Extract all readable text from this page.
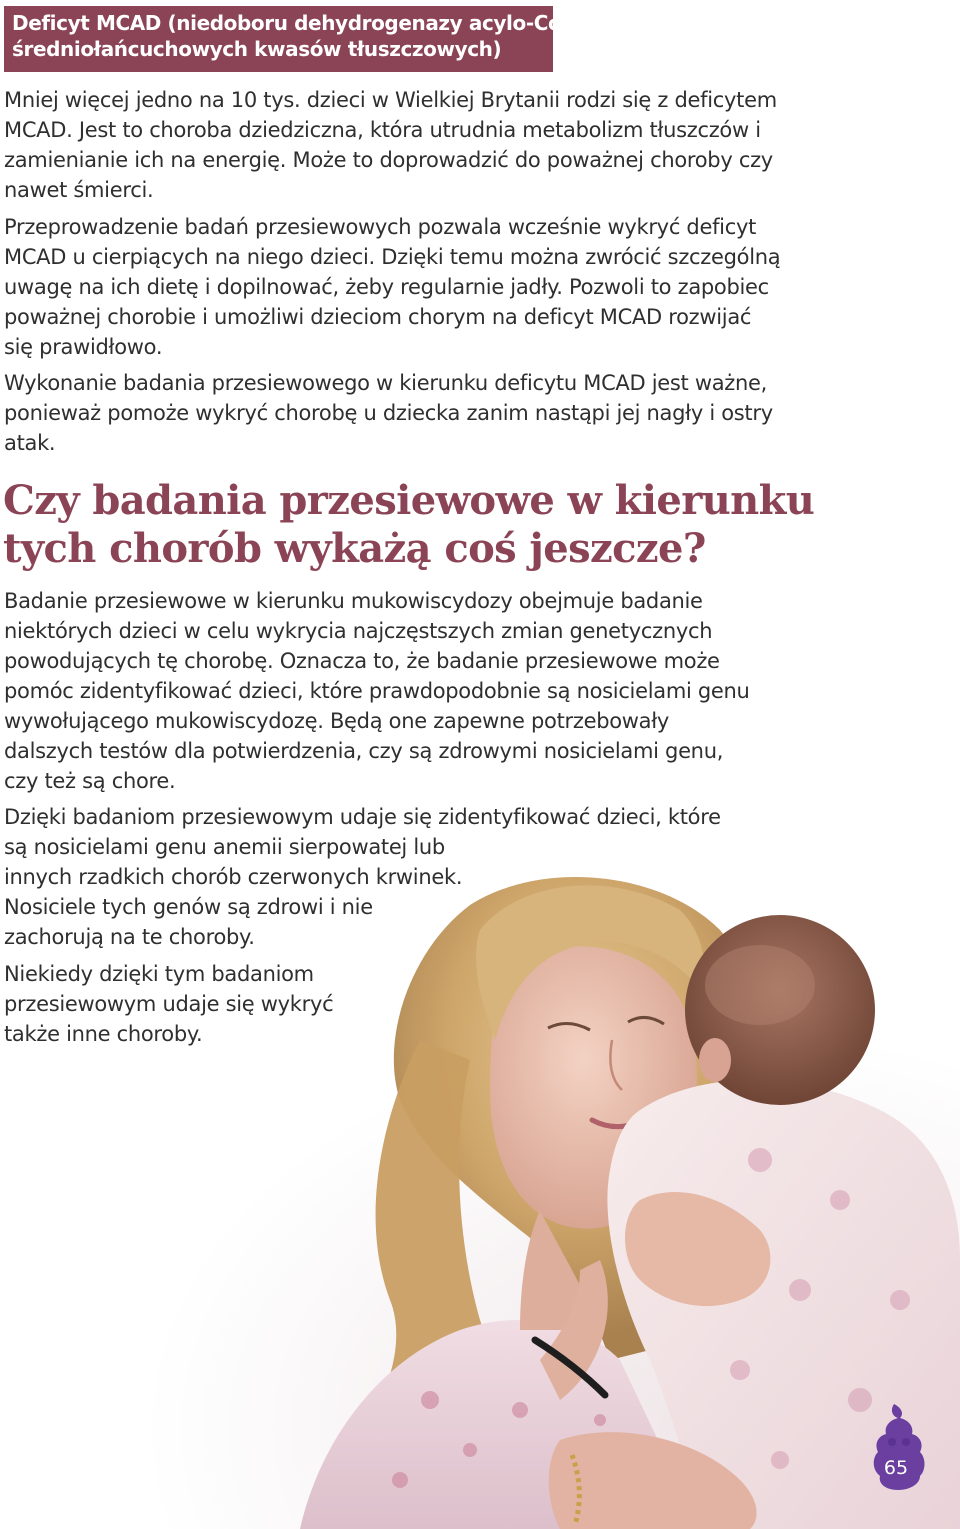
Deficyt MCAD (niedoboru dehydrogenazy acylo-CoA
średniołańcuchowych kwasów tłuszczowych)

Mniej więcej jedno na 10 tys. dzieci w Wielkiej Brytanii rodzi się z deficytem
MCAD. Jest to choroba dziedziczna, która utrudnia metabolizm tłuszczów i
zamienianie ich na energię. Może to doprowadzić do poważnej choroby czy
nawet śmierci.

Przeprowadzenie badań przesiewowych pozwala wcześnie wykryć deficyt
MCAD u cierpiących na niego dzieci. Dzięki temu można zwrócić szczególną
uwagę na ich dietę i dopilnować, żeby regularnie jadły. Pozwoli to zapobiec
poważnej chorobie i umożliwi dzieciom chorym na deficyt MCAD rozwijać
się prawidłowo.

Wykonanie badania przesiewowego w kierunku deficytu MCAD jest ważne,
ponieważ pomoże wykryć chorobę u dziecka zanim nastąpi jej nagły i ostry
atak.

Czy badania przesiewowe w kierunku
tych chorób wykażą coś jeszcze?

Badanie przesiewowe w kierunku mukowiscydozy obejmuje badanie
niektórych dzieci w celu wykrycia najczęstszych zmian genetycznych
powodujących tę chorobę. Oznacza to, że badanie przesiewowe może
pomóc zidentyfikować dzieci, które prawdopodobnie są nosicielami genu
wywołującego mukowiscydozę. Będą one zapewne potrzebowały
dalszych testów dla potwierdzenia, czy są zdrowymi nosicielami genu,
czy też są chore.

Dzięki badaniom przesiewowym udaje się zidentyfikować dzieci, które
są nosicielami genu anemii sierpowatej lub
innych rzadkich chorób czerwonych krwinek.
Nosiciele tych genów są zdrowi i nie
zachorują na te choroby.

Niekiedy dzięki tym badaniom
przesiewowym udaje się wykryć
także inne choroby.

65
